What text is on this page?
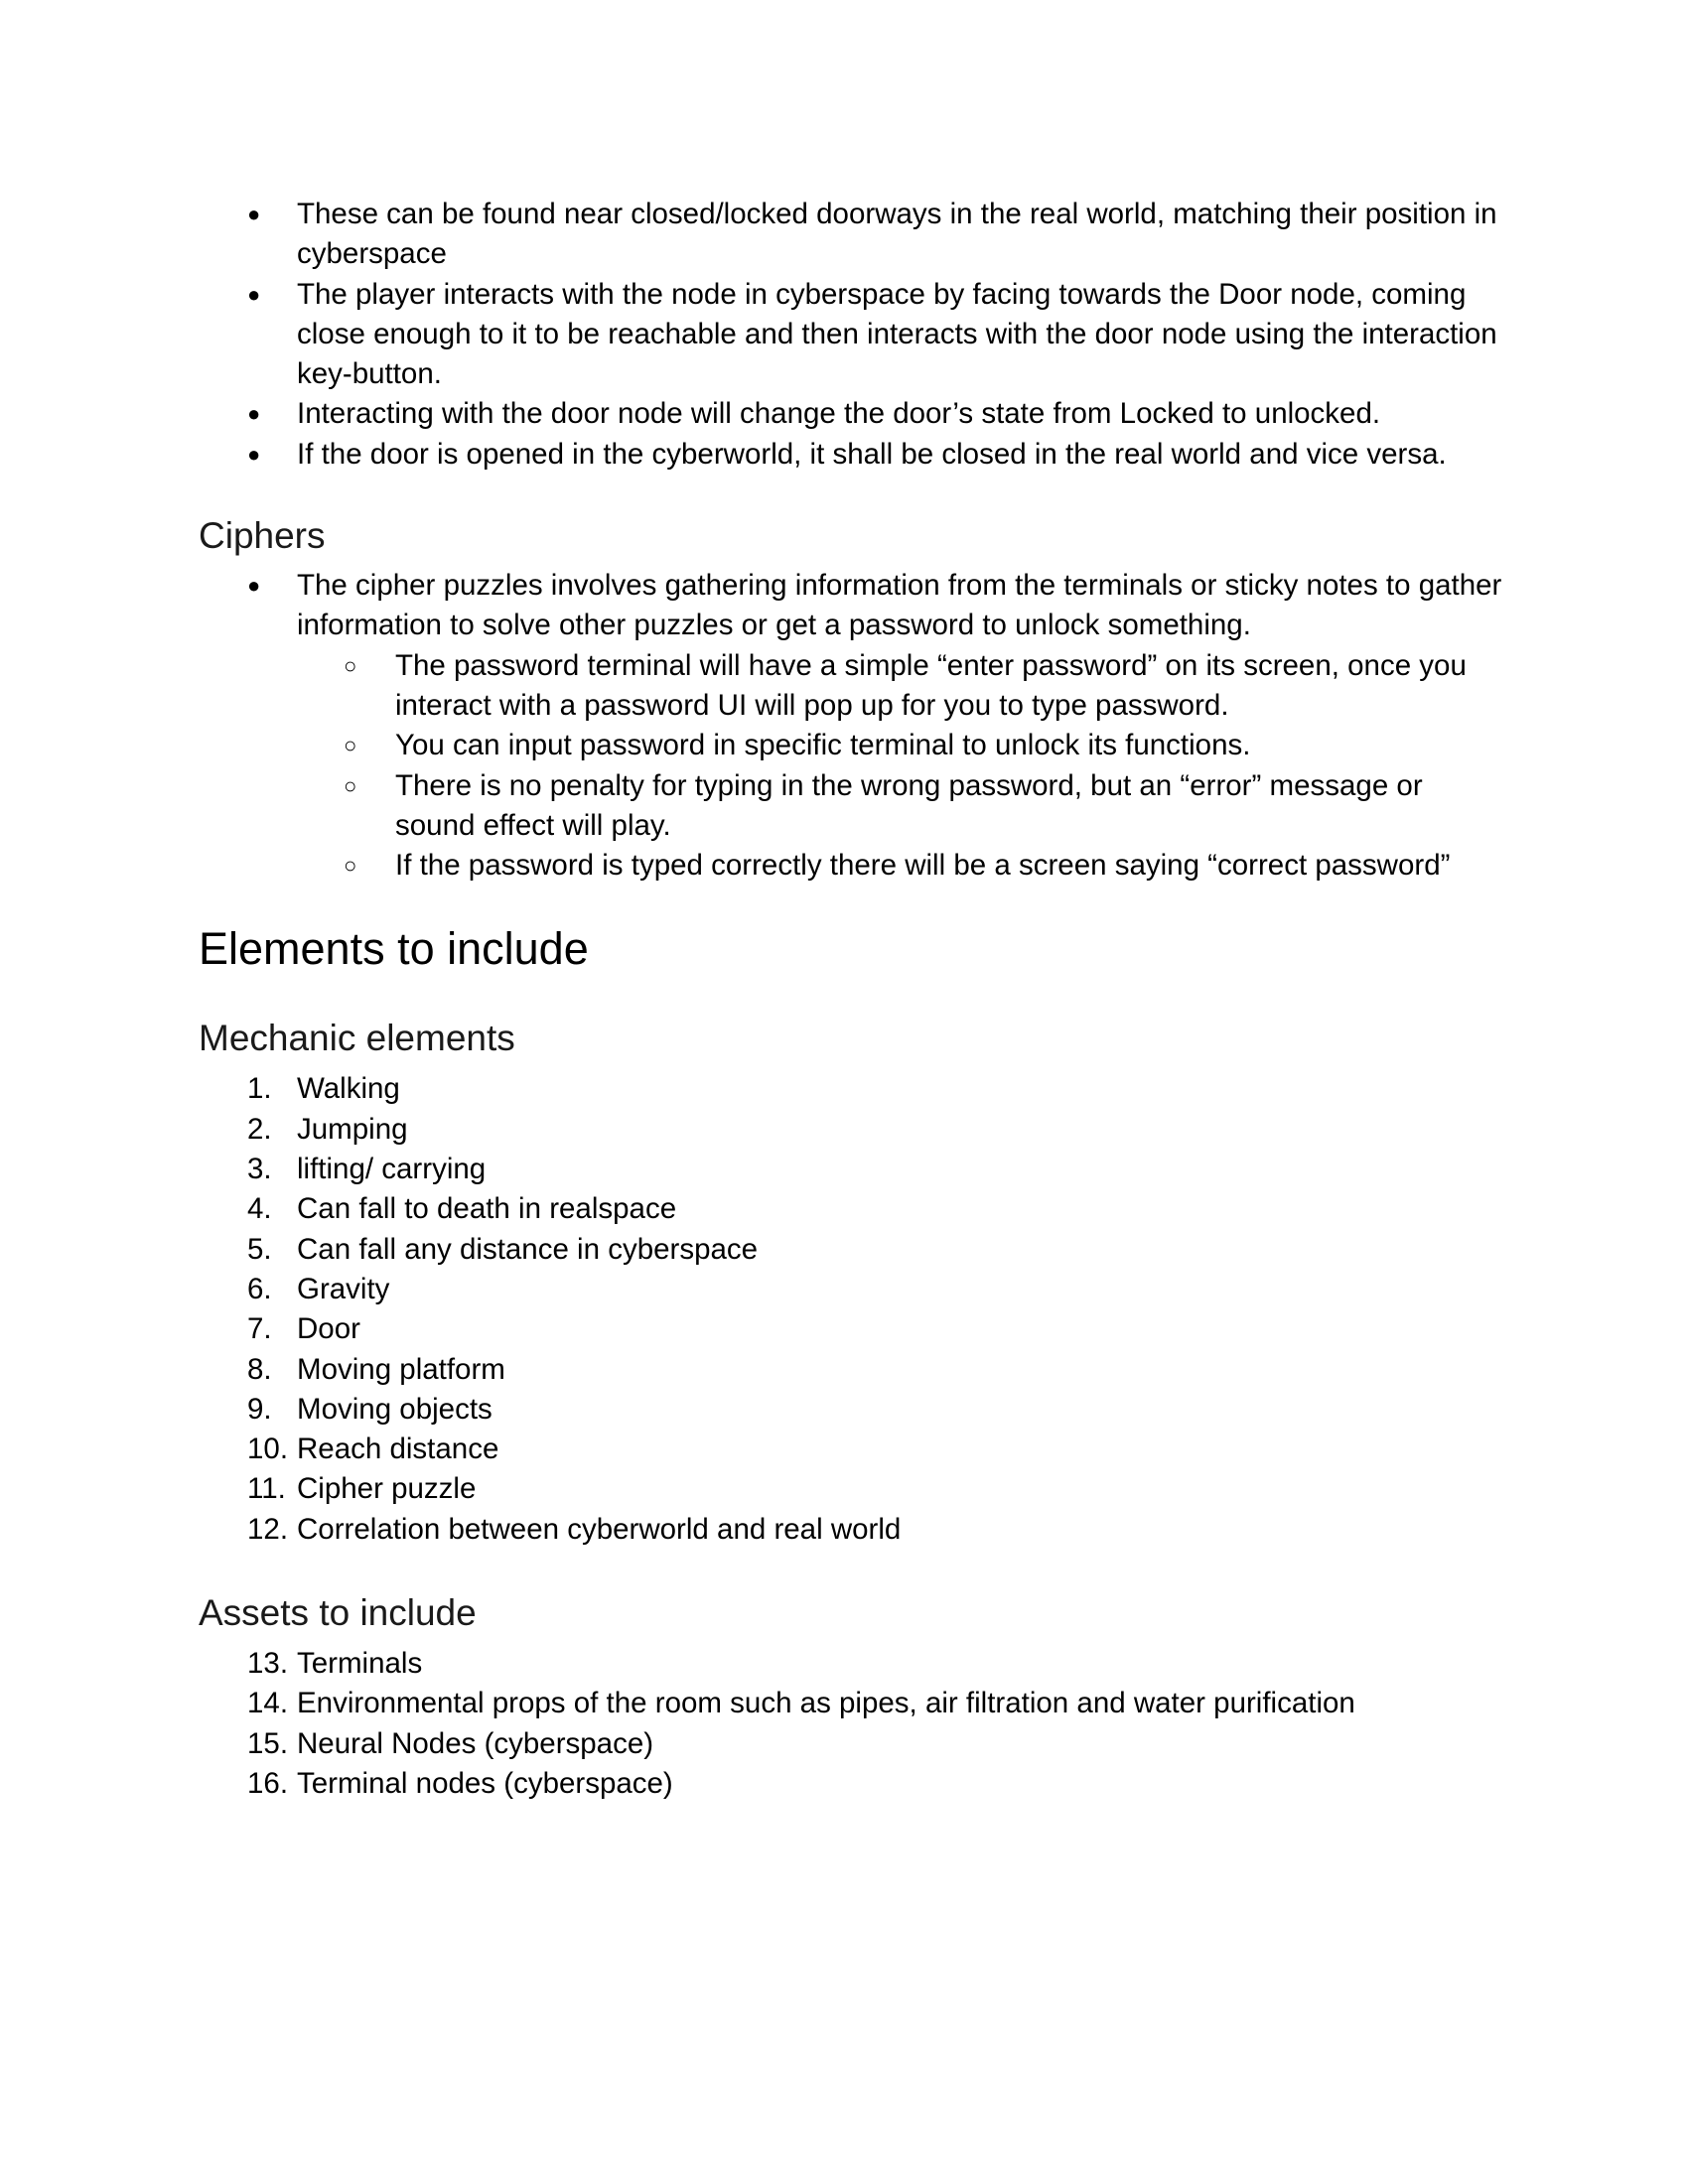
●	These can be found near closed/locked doorways in the real world, matching their position in cyberspace
●	The player interacts with the node in cyberspace by facing towards the Door node, coming close enough to it to be reachable and then interacts with the door node using the interaction key-button.
●	Interacting with the door node will change the door’s state from Locked to unlocked.
●	If the door is opened in the cyberworld, it shall be closed in the real world and vice versa.
Ciphers
●	The cipher puzzles involves gathering information from the terminals or sticky notes to gather information to solve other puzzles or get a password to unlock something.
○ The password terminal will have a simple “enter password” on its screen, once you interact with a password UI will pop up for you to type password.
○ You can input password in specific terminal to unlock its functions.
○ There is no penalty for typing in the wrong password, but an “error” message or sound effect will play.
○ If the password is typed correctly there will be a screen saying “correct password”
Elements to include
Mechanic elements
1. Walking
2. Jumping
3. lifting/ carrying
4. Can fall to death in realspace
5. Can fall any distance in cyberspace
6. Gravity
7. Door
8. Moving platform
9. Moving objects
10. Reach distance
11. Cipher puzzle
12. Correlation between cyberworld and real world
Assets to include
13. Terminals
14. Environmental props of the room such as pipes, air filtration and water purification
15. Neural Nodes (cyberspace)
16. Terminal nodes (cyberspace)
